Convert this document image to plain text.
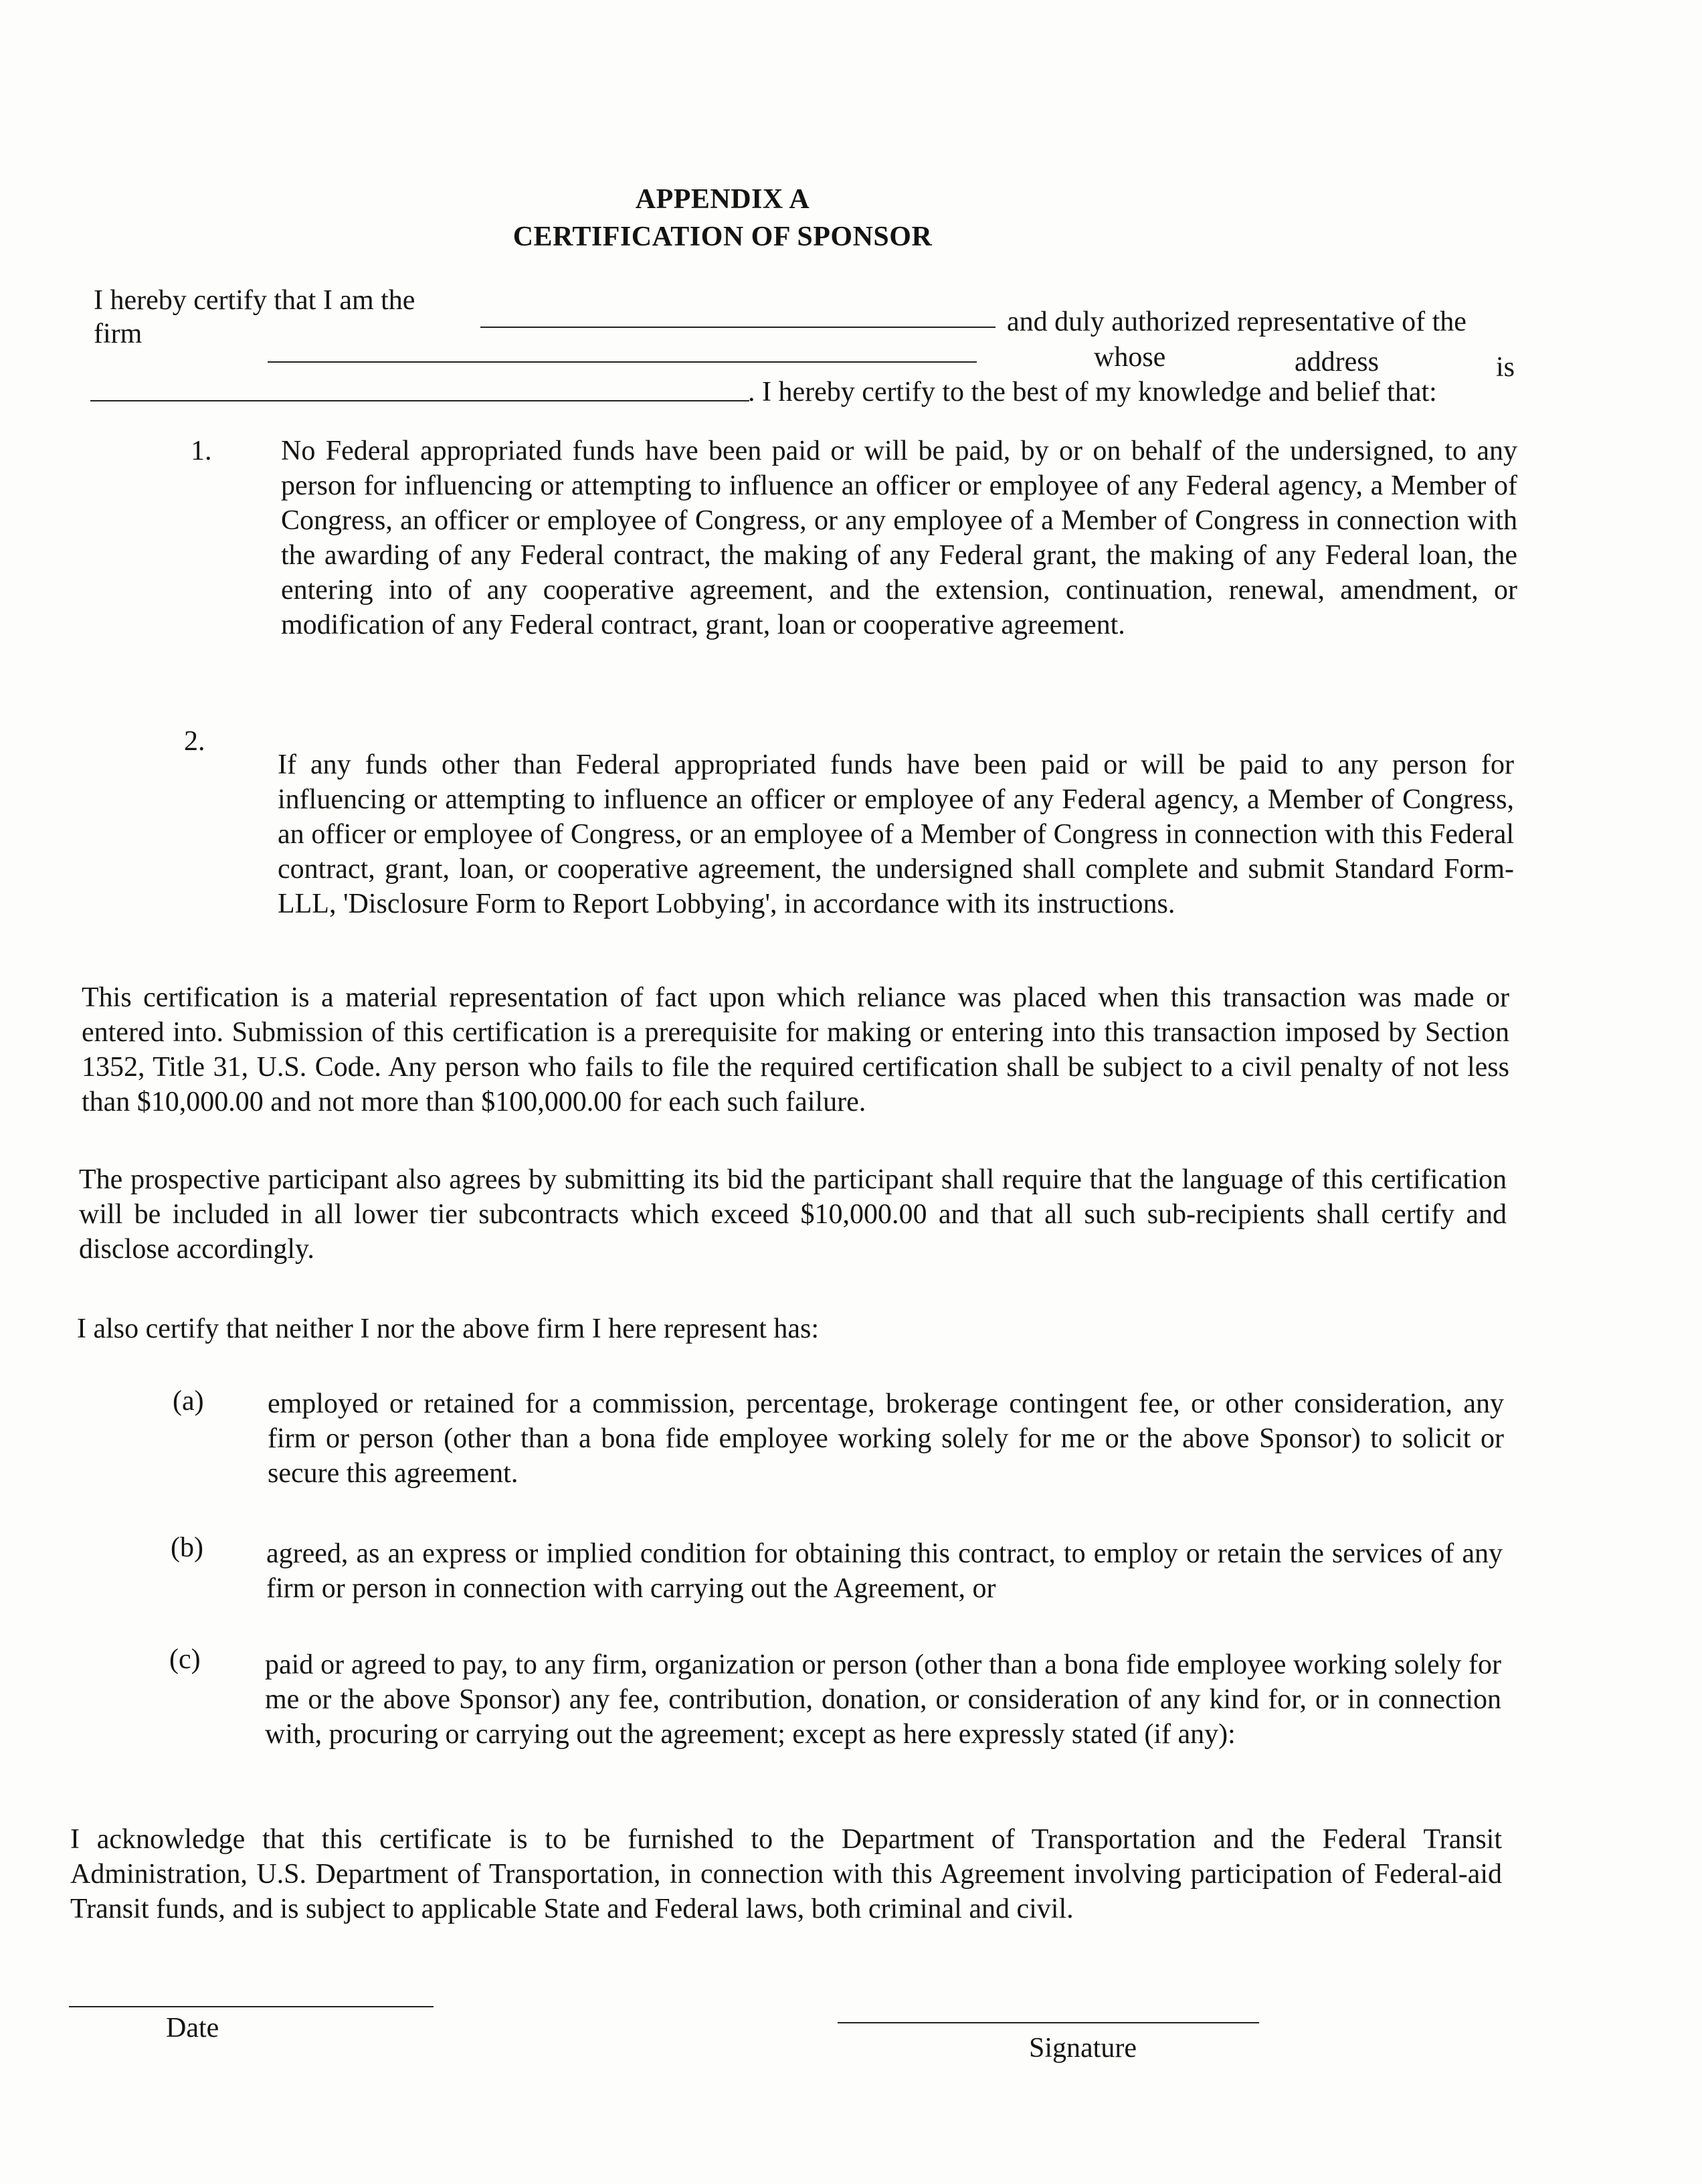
APPENDIX A
CERTIFICATION OF SPONSOR
I hereby certify that I am the
and duly authorized representative of the
firm
whose	address	is
. I hereby certify to the best of my knowledge and belief that:
1. No Federal appropriated funds have been paid or will be paid, by or on behalf of the undersigned, to any person for influencing or attempting to influence an officer or employee of any Federal agency, a Member of Congress, an officer or employee of Congress, or any employee of a Member of Congress in connection with the awarding of any Federal contract, the making of any Federal grant, the making of any Federal loan, the entering into of any cooperative agreement, and the extension, continuation, renewal, amendment, or modification of any Federal contract, grant, loan or cooperative agreement.
2.
If any funds other than Federal appropriated funds have been paid or will be paid to any person for influencing or attempting to influence an officer or employee of any Federal agency, a Member of Congress, an officer or employee of Congress, or an employee of a Member of Congress in connection with this Federal contract, grant, loan, or cooperative agreement, the undersigned shall complete and submit Standard Form-LLL, 'Disclosure Form to Report Lobbying', in accordance with its instructions.
This certification is a material representation of fact upon which reliance was placed when this transaction was made or entered into. Submission of this certification is a prerequisite for making or entering into this transaction imposed by Section 1352, Title 31, U.S. Code. Any person who fails to file the required certification shall be subject to a civil penalty of not less than $10,000.00 and not more than $100,000.00 for each such failure.
The prospective participant also agrees by submitting its bid the participant shall require that the language of this certification will be included in all lower tier subcontracts which exceed $10,000.00 and that all such sub-recipients shall certify and disclose accordingly.
I also certify that neither I nor the above firm I here represent has:
(a) employed or retained for a commission, percentage, brokerage contingent fee, or other consideration, any firm or person (other than a bona fide employee working solely for me or the above Sponsor) to solicit or secure this agreement.
(b) agreed, as an express or implied condition for obtaining this contract, to employ or retain the services of any firm or person in connection with carrying out the Agreement, or
(c) paid or agreed to pay, to any firm, organization or person (other than a bona fide employee working solely for me or the above Sponsor) any fee, contribution, donation, or consideration of any kind for, or in connection with, procuring or carrying out the agreement; except as here expressly stated (if any):
I acknowledge that this certificate is to be furnished to the Department of Transportation and the Federal Transit Administration, U.S. Department of Transportation, in connection with this Agreement involving participation of Federal-aid Transit funds, and is subject to applicable State and Federal laws, both criminal and civil.
Date
Signature
